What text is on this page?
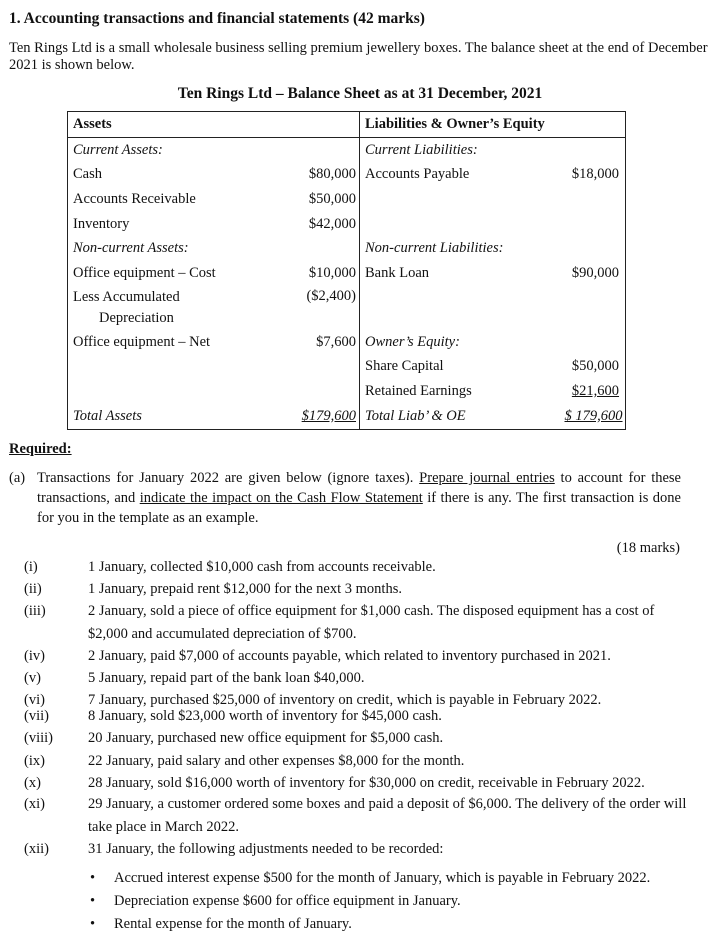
1. Accounting transactions and financial statements (42 marks)
Ten Rings Ltd is a small wholesale business selling premium jewellery boxes. The balance sheet at the end of December 2021 is shown below.
Ten Rings Ltd – Balance Sheet as at 31 December, 2021
Assets		Liabilities & Owner’s Equity	
Current Assets:		Current Liabilities:	
Cash	$80,000	Accounts Payable	$18,000
Accounts Receivable	$50,000		
Inventory	$42,000		
Non-current Assets:		Non-current Liabilities:	
Office equipment – Cost	$10,000	Bank Loan	$90,000

Less Accumulated
Depreciation	($2,400)		
Office equipment – Net	$7,600	Owner’s Equity:	
		Share Capital	$50,000
		Retained Earnings	$21,600
Total Assets	$179,600	Total Liab’ & OE	$ 179,600
Required:
(a) Transactions for January 2022 are given below (ignore taxes). Prepare journal entries to account for these transactions, and indicate the impact on the Cash Flow Statement if there is any. The first transaction is done for you in the template as an example.
(18 marks)
(i)	1 January, collected $10,000 cash from accounts receivable.
(ii)	1 January, prepaid rent $12,000 for the next 3 months.
(iii)	2 January, sold a piece of office equipment for $1,000 cash. The disposed equipment has a cost of $2,000 and accumulated depreciation of $700.
(iv)	2 January, paid $7,000 of accounts payable, which related to inventory purchased in 2021.
(v)	5 January, repaid part of the bank loan $40,000.
(vi)	7 January, purchased $25,000 of inventory on credit, which is payable in February 2022.
(vii)	8 January, sold $23,000 worth of inventory for $45,000 cash.
(viii) 20 January, purchased new office equipment for $5,000 cash.
(ix)	22 January, paid salary and other expenses $8,000 for the month.
(x)	28 January, sold $16,000 worth of inventory for $30,000 on credit, receivable in February 2022.
(xi)	29 January, a customer ordered some boxes and paid a deposit of $6,000. The delivery of the order will take place in March 2022.
(xii)	31 January, the following adjustments needed to be recorded:
• Accrued interest expense $500 for the month of January, which is payable in February 2022.
• Depreciation expense $600 for office equipment in January.
• Rental expense for the month of January.
